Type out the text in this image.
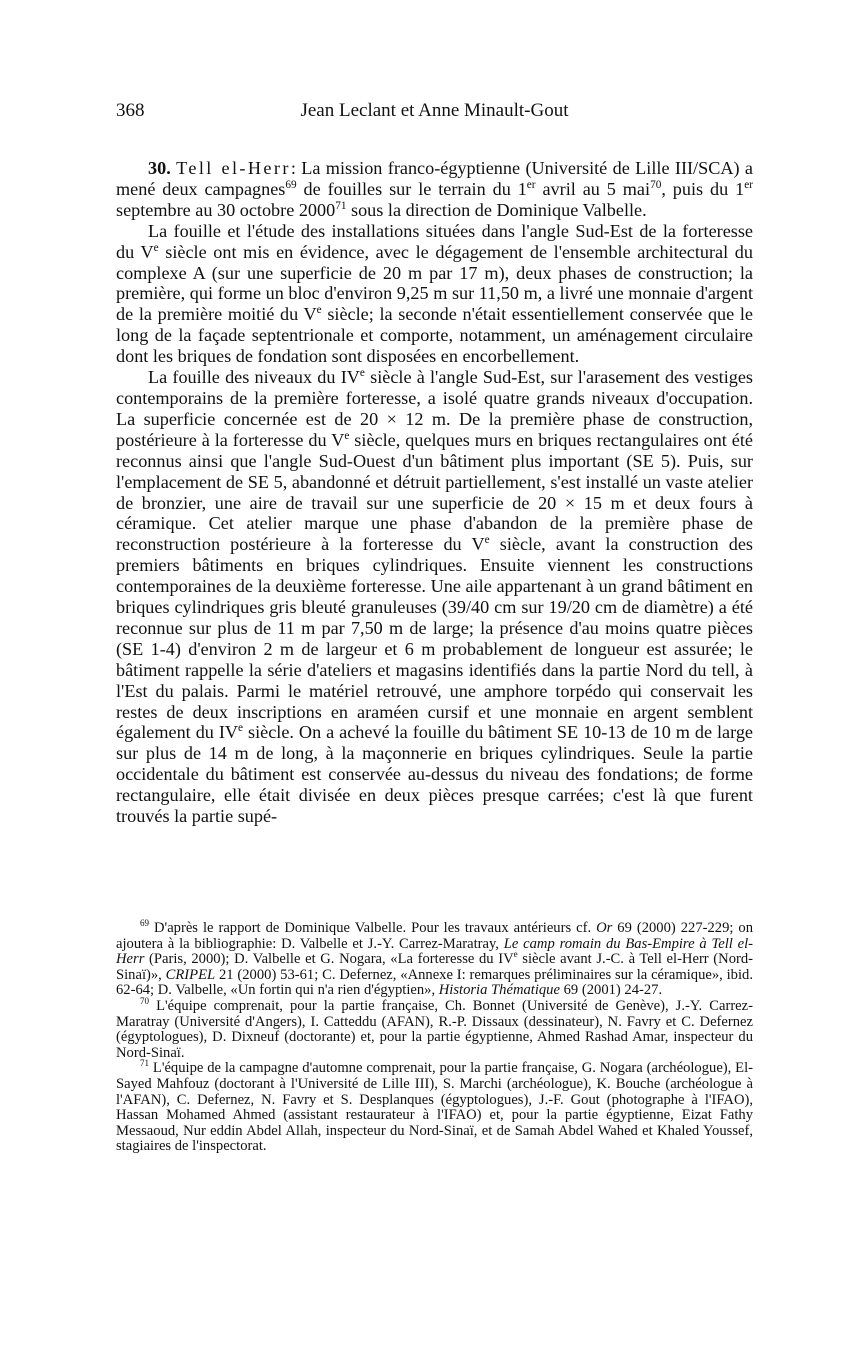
368	Jean Leclant et Anne Minault-Gout

30. Tell el-Herr: La mission franco-égyptienne (Université de Lille III/SCA) a mené deux campagnes$^{69}$ de fouilles sur le terrain du 1er avril au 5 mai$^{70}$, puis du 1er septembre au 30 octobre 2000$^{71}$ sous la direction de Dominique Valbelle.

La fouille et l'étude des installations situées dans l'angle Sud-Est de la forteresse du Ve siècle ont mis en évidence, avec le dégagement de l'ensemble architectural du complexe A (sur une superficie de 20 m par 17 m), deux phases de construction; la première, qui forme un bloc d'environ 9,25 m sur 11,50 m, a livré une monnaie d'argent de la première moitié du Ve siècle; la seconde n'était essentiellement conservée que le long de la façade septentrionale et comporte, notamment, un aménagement circulaire dont les briques de fondation sont disposées en encorbellement.

La fouille des niveaux du IVe siècle à l'angle Sud-Est, sur l'arasement des vestiges contemporains de la première forteresse, a isolé quatre grands niveaux d'occupation. La superficie concernée est de 20 × 12 m. De la première phase de construction, postérieure à la forteresse du Ve siècle, quelques murs en briques rectangulaires ont été reconnus ainsi que l'angle Sud-Ouest d'un bâtiment plus important (SE 5). Puis, sur l'emplacement de SE 5, abandonné et détruit partiellement, s'est installé un vaste atelier de bronzier, une aire de travail sur une superficie de 20 × 15 m et deux fours à céramique. Cet atelier marque une phase d'abandon de la première phase de reconstruction postérieure à la forteresse du Ve siècle, avant la construction des premiers bâtiments en briques cylindriques. Ensuite viennent les constructions contemporaines de la deuxième forteresse. Une aile appartenant à un grand bâtiment en briques cylindriques gris bleuté granuleuses (39/40 cm sur 19/20 cm de diamètre) a été reconnue sur plus de 11 m par 7,50 m de large; la présence d'au moins quatre pièces (SE 1-4) d'environ 2 m de largeur et 6 m probablement de longueur est assurée; le bâtiment rappelle la série d'ateliers et magasins identifiés dans la partie Nord du tell, à l'Est du palais. Parmi le matériel retrouvé, une amphore torpédo qui conservait les restes de deux inscriptions en araméen cursif et une monnaie en argent semblent également du IVe siècle. On a achevé la fouille du bâtiment SE 10-13 de 10 m de large sur plus de 14 m de long, à la maçonnerie en briques cylindriques. Seule la partie occidentale du bâtiment est conservée au-dessus du niveau des fondations; de forme rectangulaire, elle était divisée en deux pièces presque carrées; c'est là que furent trouvés la partie supé-

$^{69}$ D'après le rapport de Dominique Valbelle. Pour les travaux antérieurs cf. Or 69 (2000) 227-229; on ajoutera à la bibliographie: D. Valbelle et J.-Y. Carrez-Maratray, Le camp romain du Bas-Empire à Tell el-Herr (Paris, 2000); D. Valbelle et G. Nogara, «La forteresse du IVe siècle avant J.-C. à Tell el-Herr (Nord-Sinaï)», CRIPEL 21 (2000) 53-61; C. Defernez, «Annexe I: remarques préliminaires sur la céramique», ibid. 62-64; D. Valbelle, «Un fortin qui n'a rien d'égyptien», Historia Thématique 69 (2001) 24-27.

$^{70}$ L'équipe comprenait, pour la partie française, Ch. Bonnet (Université de Genève), J.-Y. Carrez-Maratray (Université d'Angers), I. Catteddu (AFAN), R.-P. Dissaux (dessinateur), N. Favry et C. Defernez (égyptologues), D. Dixneuf (doctorante) et, pour la partie égyptienne, Ahmed Rashad Amar, inspecteur du Nord-Sinaï.

$^{71}$ L'équipe de la campagne d'automne comprenait, pour la partie française, G. Nogara (archéologue), El-Sayed Mahfouz (doctorant à l'Université de Lille III), S. Marchi (archéologue), K. Bouche (archéologue à l'AFAN), C. Defernez, N. Favry et S. Desplanques (égyptologues), J.-F. Gout (photographe à l'IFAO), Hassan Mohamed Ahmed (assistant restaurateur à l'IFAO) et, pour la partie égyptienne, Eizat Fathy Messaoud, Nur eddin Abdel Allah, inspecteur du Nord-Sinaï, et de Samah Abdel Wahed et Khaled Youssef, stagiaires de l'inspectorat.
